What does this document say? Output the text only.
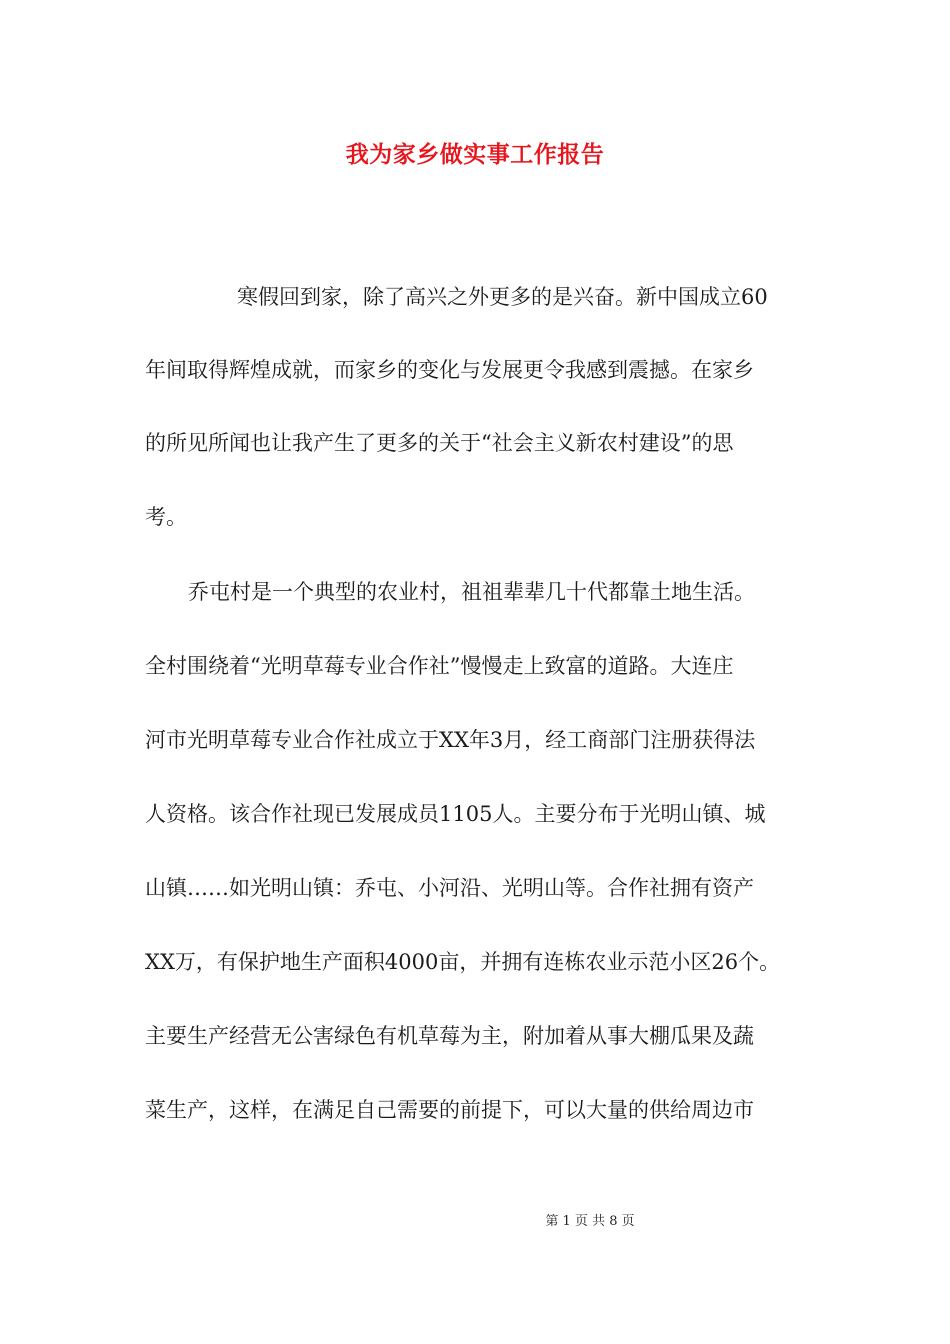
我为家乡做实事工作报告
寒假回到家，除了高兴之外更多的是兴奋。新中国成立60
年间取得辉煌成就，而家乡的变化与发展更令我感到震撼。在家乡
的所见所闻也让我产生了更多的关于“社会主义新农村建设”的思
考。
乔屯村是一个典型的农业村，祖祖辈辈几十代都靠土地生活。
全村围绕着“光明草莓专业合作社”慢慢走上致富的道路。大连庄
河市光明草莓专业合作社成立于XX年3月，经工商部门注册获得法
人资格。该合作社现已发展成员1105人。主要分布于光明山镇、城
山镇……如光明山镇：乔屯、小河沿、光明山等。合作社拥有资产
XX万，有保护地生产面积4000亩，并拥有连栋农业示范小区26个。
主要生产经营无公害绿色有机草莓为主，附加着从事大棚瓜果及蔬
菜生产，这样，在满足自己需要的前提下，可以大量的供给周边市
第 1 页 共 8 页
